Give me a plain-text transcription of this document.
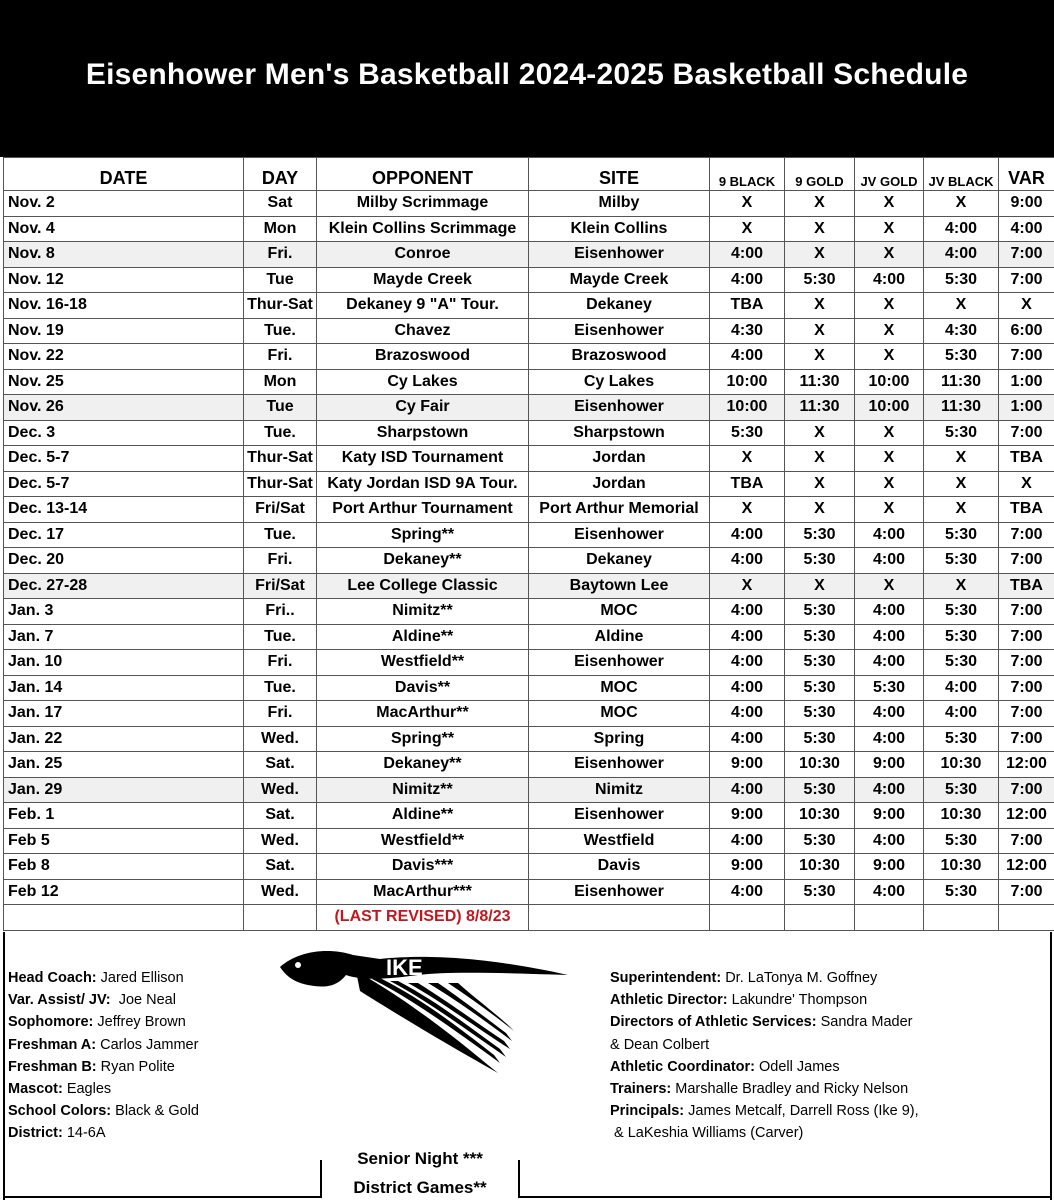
Eisenhower Men's Basketball 2024-2025 Basketball Schedule
DATE	DAY	OPPONENT	SITE	9 BLACK	9 GOLD	JV GOLD	JV BLACK	VAR
Nov. 2	Sat	Milby Scrimmage	Milby	X	X	X	X	9:00
Nov. 4	Mon	Klein Collins Scrimmage	Klein Collins	X	X	X	4:00	4:00
Nov. 8	Fri.	Conroe	Eisenhower	4:00	X	X	4:00	7:00
Nov. 12	Tue	Mayde Creek	Mayde Creek	4:00	5:30	4:00	5:30	7:00
Nov. 16-18	Thur-Sat	Dekaney 9 "A" Tour.	Dekaney	TBA	X	X	X	X
Nov. 19	Tue.	Chavez	Eisenhower	4:30	X	X	4:30	6:00
Nov. 22	Fri.	Brazoswood	Brazoswood	4:00	X	X	5:30	7:00
Nov. 25	Mon	Cy Lakes	Cy Lakes	10:00	11:30	10:00	11:30	1:00
Nov. 26	Tue	Cy Fair	Eisenhower	10:00	11:30	10:00	11:30	1:00
Dec. 3	Tue.	Sharpstown	Sharpstown	5:30	X	X	5:30	7:00
Dec. 5-7	Thur-Sat	Katy ISD Tournament	Jordan	X	X	X	X	TBA
Dec. 5-7	Thur-Sat	Katy Jordan ISD 9A Tour.	Jordan	TBA	X	X	X	X
Dec. 13-14	Fri/Sat	Port Arthur Tournament	Port Arthur Memorial	X	X	X	X	TBA
Dec. 17	Tue.	Spring**	Eisenhower	4:00	5:30	4:00	5:30	7:00
Dec. 20	Fri.	Dekaney**	Dekaney	4:00	5:30	4:00	5:30	7:00
Dec. 27-28	Fri/Sat	Lee College Classic	Baytown Lee	X	X	X	X	TBA
Jan. 3	Fri..	Nimitz**	MOC	4:00	5:30	4:00	5:30	7:00
Jan. 7	Tue.	Aldine**	Aldine	4:00	5:30	4:00	5:30	7:00
Jan. 10	Fri.	Westfield**	Eisenhower	4:00	5:30	4:00	5:30	7:00
Jan. 14	Tue.	Davis**	MOC	4:00	5:30	5:30	4:00	7:00
Jan. 17	Fri.	MacArthur**	MOC	4:00	5:30	4:00	4:00	7:00
Jan. 22	Wed.	Spring**	Spring	4:00	5:30	4:00	5:30	7:00
Jan. 25	Sat.	Dekaney**	Eisenhower	9:00	10:30	9:00	10:30	12:00
Jan. 29	Wed.	Nimitz**	Nimitz	4:00	5:30	4:00	5:30	7:00
Feb. 1	Sat.	Aldine**	Eisenhower	9:00	10:30	9:00	10:30	12:00
Feb 5	Wed.	Westfield**	Westfield	4:00	5:30	4:00	5:30	7:00
Feb 8	Sat.	Davis***	Davis	9:00	10:30	9:00	10:30	12:00
Feb 12	Wed.	MacArthur***	Eisenhower	4:00	5:30	4:00	5:30	7:00
		(LAST REVISED) 8/8/23						
IKE
Head Coach: Jared Ellison
Var. Assist/ JV:  Joe Neal
Sophomore: Jeffrey Brown
Freshman A: Carlos Jammer
Freshman B: Ryan Polite
Mascot: Eagles
School Colors: Black & Gold
District: 14-6A
Superintendent: Dr. LaTonya M. Goffney
Athletic Director: Lakundre' Thompson
Directors of Athletic Services: Sandra Mader
& Dean Colbert
Athletic Coordinator: Odell James
Trainers: Marshalle Bradley and Ricky Nelson
Principals: James Metcalf, Darrell Ross (Ike 9),
& LaKeshia Williams (Carver)
Senior Night ***
District Games**
